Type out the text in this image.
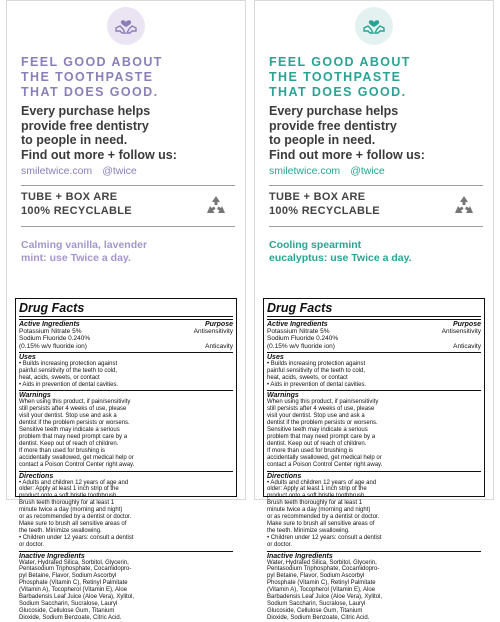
FEEL GOOD ABOUT
THE TOOTHPASTE
THAT DOES GOOD.
Every purchase helps
provide free dentistry
to people in need.
Find out more + follow us:
smiletwice.com @twice
TUBE + BOX ARE
100% RECYCLABLE
Calming vanilla, lavender
mint: use Twice a day.
Drug Facts
Active Ingredients	Purpose
Potassium Nitrate 5%	Antisensitivity
Sodium Fluoride 0.240%
(0.15% w/v fluoride ion)	Anticavity
Uses
• Builds increasing protection against
painful sensitivity of the teeth to cold,
heat, acids, sweets, or contact
• Aids in prevention of dental cavities.
Warnings
When using this product, if pain/sensitivity
still persists after 4 weeks of use, please
visit your dentist. Stop use and ask a
dentist if the problem persists or worsens.
Sensitive teeth may indicate a serious
problem that may need prompt care by a
dentist. Keep out of reach of children.
If more than used for brushing is
accidentally swallowed, get medical help or
contact a Poison Control Center right away.
Directions
• Adults and children 12 years of age and
older: Apply at least 1 inch strip of the
product onto a soft bristle toothbrush.
Brush teeth thoroughly for at least 1
minute twice a day (morning and night)
or as recommended by a dentist or doctor.
Make sure to brush all sensitive areas of
the teeth. Minimize swallowing.
• Children under 12 years: consult a dentist
or doctor.
Inactive Ingredients
Water, Hydrated Silica, Sorbitol, Glycerin,
Pentasodium Triphosphate, Cocamidopro-
pyl Betaine, Flavor, Sodium Ascorbyl
Phosphate (Vitamin C), Retinyl Palmitate
(Vitamin A), Tocopherol (Vitamin E), Aloe
Barbadensis Leaf Juice (Aloe Vera), Xylitol,
Sodium Saccharin, Sucralose, Lauryl
Glucoside, Cellulose Gum, Titanium
Dioxide, Sodium Benzoate, Citric Acid.
FEEL GOOD ABOUT
THE TOOTHPASTE
THAT DOES GOOD.
Every purchase helps
provide free dentistry
to people in need.
Find out more + follow us:
smiletwice.com @twice
TUBE + BOX ARE
100% RECYCLABLE
Cooling spearmint
eucalyptus: use Twice a day.
Drug Facts
Active Ingredients	Purpose
Potassium Nitrate 5%	Antisensitivity
Sodium Fluoride 0.240%
(0.15% w/v fluoride ion)	Anticavity
Uses
• Builds increasing protection against
painful sensitivity of the teeth to cold,
heat, acids, sweets, or contact
• Aids in prevention of dental cavities.
Warnings
When using this product, if pain/sensitivity
still persists after 4 weeks of use, please
visit your dentist. Stop use and ask a
dentist if the problem persists or worsens.
Sensitive teeth may indicate a serious
problem that may need prompt care by a
dentist. Keep out of reach of children.
If more than used for brushing is
accidentally swallowed, get medical help or
contact a Poison Control Center right away.
Directions
• Adults and children 12 years of age and
older: Apply at least 1 inch strip of the
product onto a soft bristle toothbrush.
Brush teeth thoroughly for at least 1
minute twice a day (morning and night)
or as recommended by a dentist or doctor.
Make sure to brush all sensitive areas of
the teeth. Minimize swallowing.
• Children under 12 years: consult a dentist
or doctor.
Inactive Ingredients
Water, Hydrated Silica, Sorbitol, Glycerin,
Pentasodium Triphosphate, Cocamidopro-
pyl Betaine, Flavor, Sodium Ascorbyl
Phosphate (Vitamin C), Retinyl Palmitate
(Vitamin A), Tocopherol (Vitamin E), Aloe
Barbadensis Leaf Juice (Aloe Vera), Xylitol,
Sodium Saccharin, Sucralose, Lauryl
Glucoside, Cellulose Gum, Titanium
Dioxide, Sodium Benzoate, Citric Acid.
